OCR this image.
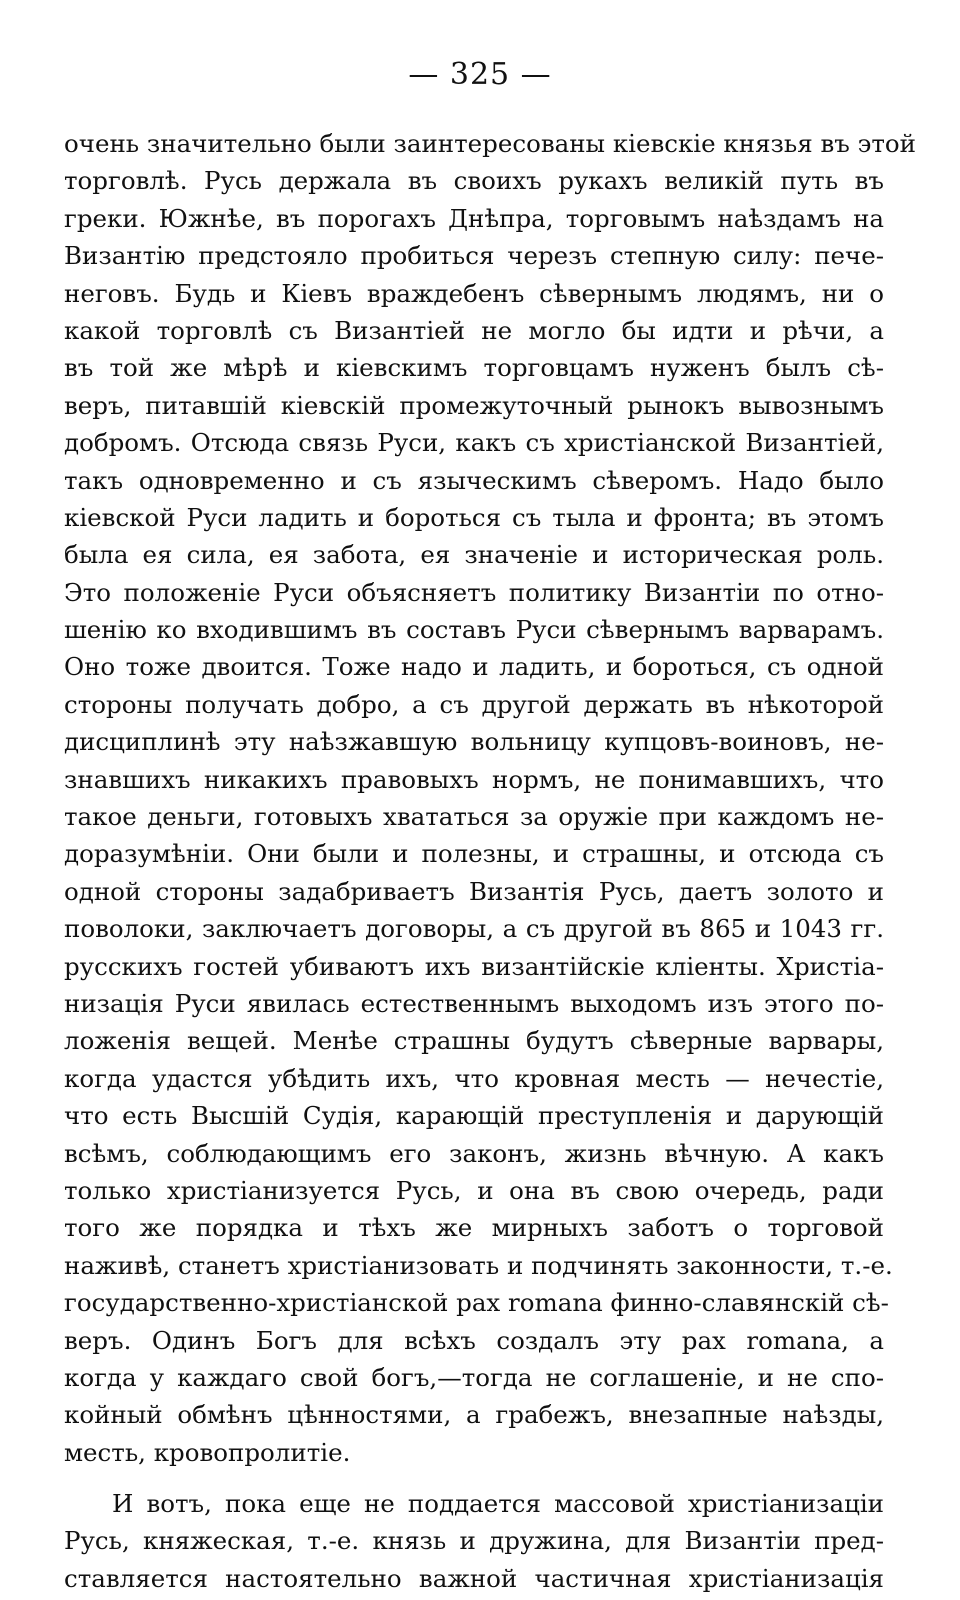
— 325 —
очень значительно были заинтересованы кіевскіе князья въ этой
торговлѣ. Русь держала въ своихъ рукахъ великій путь въ
греки. Южнѣе, въ порогахъ Днѣпра, торговымъ наѣздамъ на
Византію предстояло пробиться черезъ степную силу: пече-
неговъ. Будь и Кіевъ враждебенъ сѣвернымъ людямъ, ни о
какой торговлѣ съ Византіей не могло бы идти и рѣчи, а
въ той же мѣрѣ и кіевскимъ торговцамъ нуженъ былъ сѣ-
веръ, питавшій кіевскій промежуточный рынокъ вывознымъ
добромъ. Отсюда связь Руси, какъ съ христіанской Византіей,
такъ одновременно и съ языческимъ сѣверомъ. Надо было
кіевской Руси ладить и бороться съ тыла и фронта; въ этомъ
была ея сила, ея забота, ея значеніе и историческая роль.
Это положеніе Руси объясняетъ политику Византіи по отно-
шенію ко входившимъ въ составъ Руси сѣвернымъ варварамъ.
Оно тоже двоится. Тоже надо и ладить, и бороться, съ одной
стороны получать добро, а съ другой держать въ нѣкоторой
дисциплинѣ эту наѣзжавшую вольницу купцовъ-воиновъ, не-
знавшихъ никакихъ правовыхъ нормъ, не понимавшихъ, что
такое деньги, готовыхъ хвататься за оружіе при каждомъ не-
доразумѣніи. Они были и полезны, и страшны, и отсюда съ
одной стороны задабриваетъ Византія Русь, даетъ золото и
поволоки, заключаетъ договоры, а съ другой въ 865 и 1043 гг.
русскихъ гостей убиваютъ ихъ византійскіе кліенты. Христіа-
низація Руси явилась естественнымъ выходомъ изъ этого по-
ложенія вещей. Менѣе страшны будутъ сѣверные варвары,
когда удастся убѣдить ихъ, что кровная месть — нечестіе,
что есть Высшій Судія, карающій преступленія и дарующій
всѣмъ, соблюдающимъ его законъ, жизнь вѣчную. А какъ
только христіанизуется Русь, и она въ свою очередь, ради
того же порядка и тѣхъ же мирныхъ заботъ о торговой
наживѣ, станетъ христіанизовать и подчинять законности, т.-е.
государственно-христіанской pax romana финно-славянскій сѣ-
веръ. Одинъ Богъ для всѣхъ создалъ эту pax romana, а
когда у каждаго свой богъ,—тогда не соглашеніе, и не спо-
койный обмѣнъ цѣнностями, а грабежъ, внезапные наѣзды,
месть, кровопролитіе.
И вотъ, пока еще не поддается массовой христіанизаціи
Русь, княжеская, т.-е. князь и дружина, для Византіи пред-
ставляется настоятельно важной частичная христіанизація
